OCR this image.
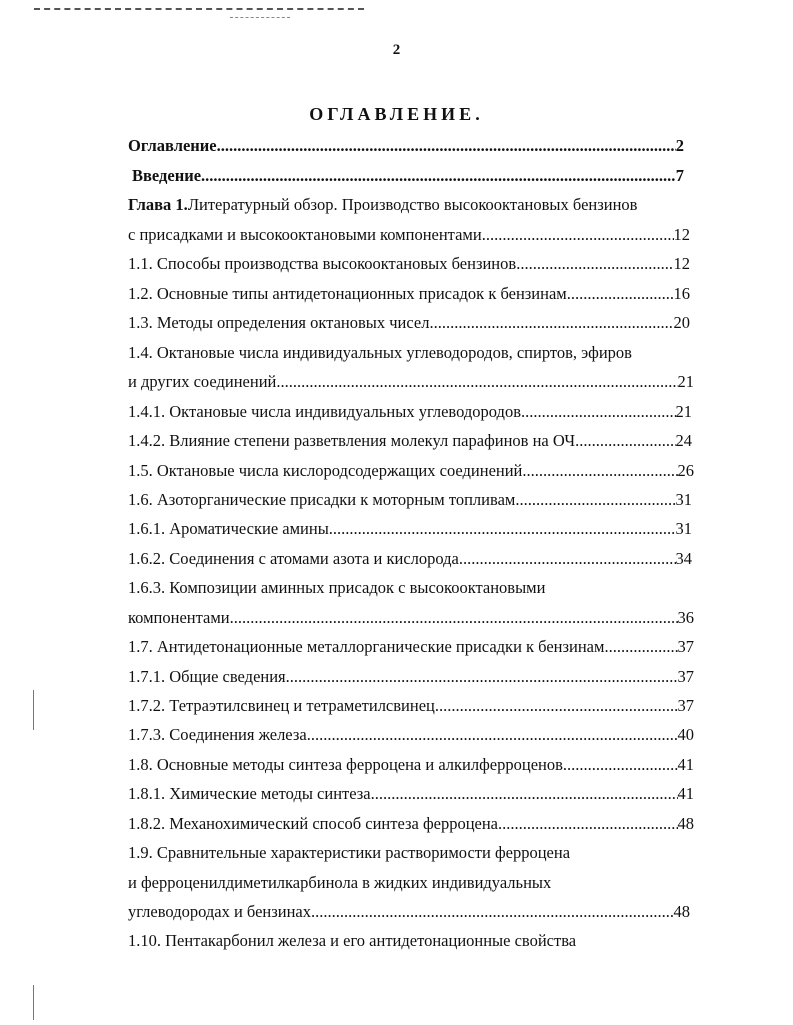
2
ОГЛАВЛЕНИЕ.
Оглавление .....	2
Введение .....	7
Глава 1.Литературный обзор. Производство высокооктановых бензинов
с присадками и высокооктановыми компонентами .....	12
1.1. Способы производства высокооктановых бензинов .....	12
1.2. Основные типы антидетонационных присадок к бензинам .....	16
1.3. Методы определения октановых чисел .....	20
1.4. Октановые числа индивидуальных углеводородов, спиртов, эфиров
и других соединений .....	21
1.4.1. Октановые числа индивидуальных углеводородов .....	21
1.4.2. Влияние степени разветвления молекул парафинов на ОЧ .....	24
1.5. Октановые числа кислородсодержащих соединений .....	26
1.6. Азоторганические присадки к моторным топливам .....	31
1.6.1. Ароматические амины .....	31
1.6.2. Соединения с атомами азота и кислорода .....	34
1.6.3. Композиции аминных присадок с высокооктановыми
компонентами .....	36
1.7. Антидетонационные металлорганические присадки к бензинам .....	37
1.7.1. Общие сведения .....	37
1.7.2. Тетраэтилсвинец и тетраметилсвинец .....	37
1.7.3. Соединения железа .....	40
1.8. Основные методы синтеза ферроцена и алкилферроценов .....	41
1.8.1. Химические методы синтеза .....	41
1.8.2. Механохимический способ синтеза ферроцена .....	48
1.9. Сравнительные характеристики растворимости ферроцена
и ферроценилдиметилкарбинола в жидких индивидуальных
углеводородах и бензинах .....	48
1.10. Пентакарбонил железа и его антидетонационные свойства
